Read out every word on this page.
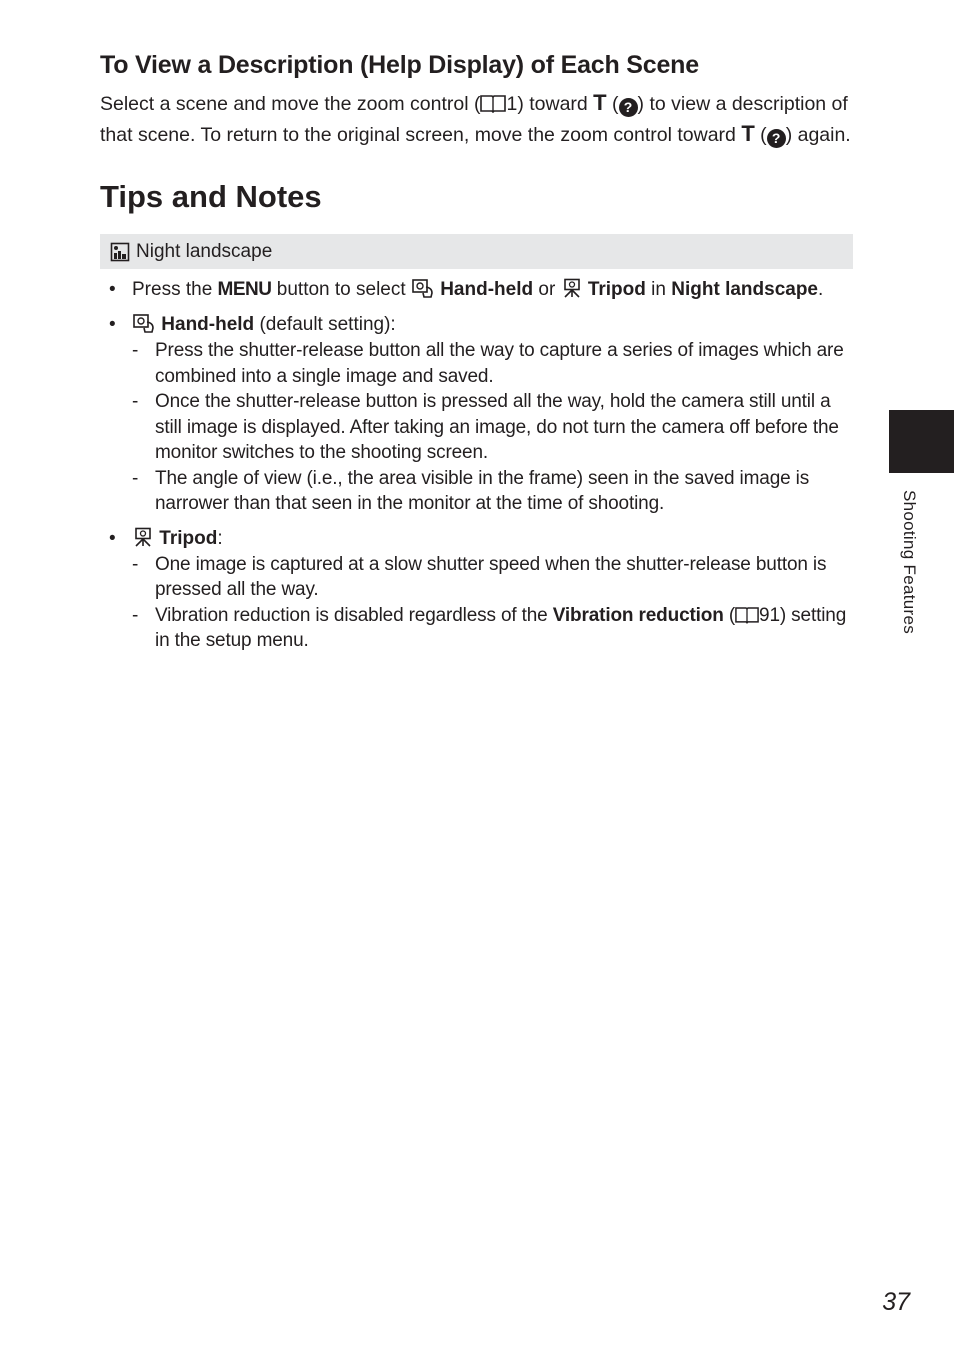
To View a Description (Help Display) of Each Scene

Select a scene and move the zoom control ( 1) toward T ( ? ) to view a description of that scene. To return to the original screen, move the zoom control toward T ( ? ) again.

Tips and Notes
Night landscape
• Press the MENU button to select  Hand-held or  Tripod in Night landscape.
• Hand-held (default setting):
- Press the shutter-release button all the way to capture a series of images which are combined into a single image and saved.
- Once the shutter-release button is pressed all the way, hold the camera still until a still image is displayed. After taking an image, do not turn the camera off before the monitor switches to the shooting screen.
- The angle of view (i.e., the area visible in the frame) seen in the saved image is narrower than that seen in the monitor at the time of shooting.
• Tripod:
- One image is captured at a slow shutter speed when the shutter-release button is pressed all the way.
- Vibration reduction is disabled regardless of the Vibration reduction ( 91) setting in the setup menu.
Shooting Features
37
